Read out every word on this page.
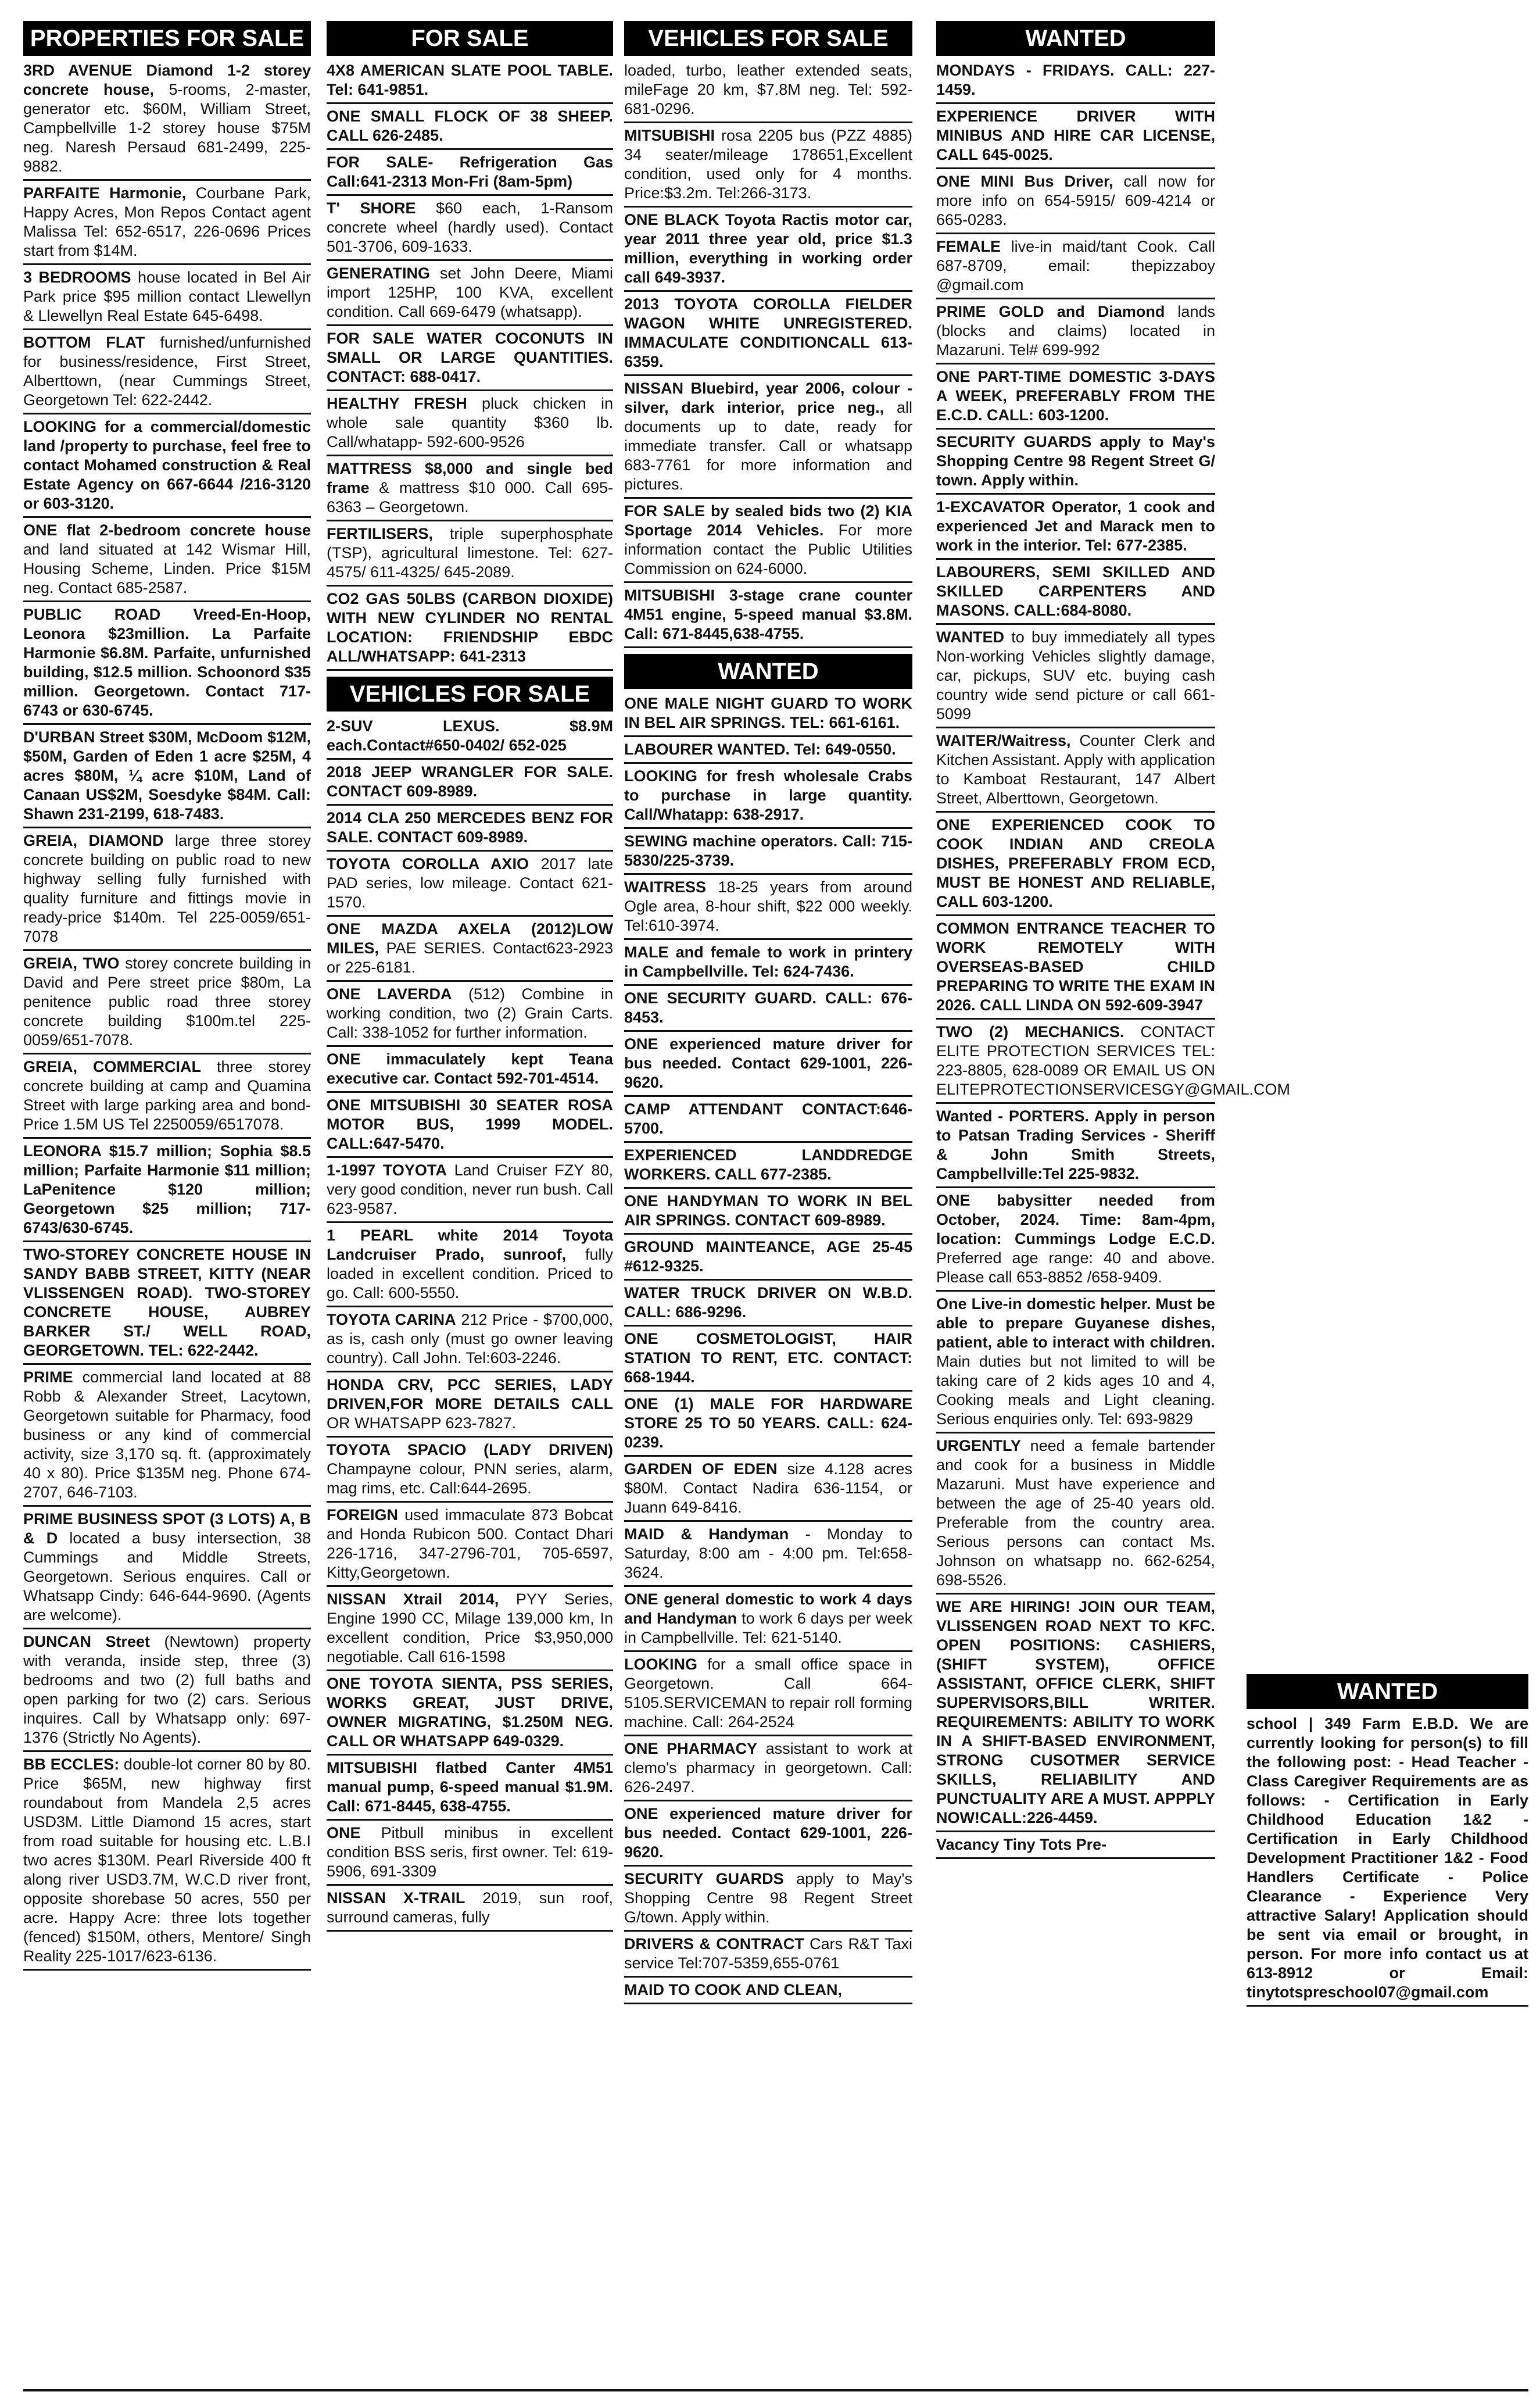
PROPERTIES FOR SALE
3RD AVENUE Diamond 1-2 storey concrete house, 5-rooms, 2-master, generator etc. $60M, William Street, Campbellville 1-2 storey house $75M neg. Naresh Persaud 681-2499, 225-9882.
PARFAITE Harmonie, Courbane Park, Happy Acres, Mon Repos Contact agent Malissa Tel: 652-6517, 226-0696 Prices start from $14M.
3 BEDROOMS house located in Bel Air Park price $95 million contact Llewellyn & Llewellyn Real Estate 645-6498.
BOTTOM FLAT furnished/unfurnished for business/residence, First Street, Alberttown, (near Cummings Street, Georgetown Tel: 622-2442.
LOOKING for a commercial/domestic land /property to purchase, feel free to contact Mohamed construction & Real Estate Agency on 667-6644 /216-3120 or 603-3120.
ONE flat 2-bedroom concrete house and land situated at 142 Wismar Hill, Housing Scheme, Linden. Price $15M neg. Contact 685-2587.
PUBLIC ROAD Vreed-En-Hoop, Leonora $23million. La Parfaite Harmonie $6.8M. Parfaite, unfurnished building, $12.5 million. Schoonord $35 million. Georgetown. Contact 717-6743 or 630-6745.
D'URBAN Street $30M, McDoom $12M, $50M, Garden of Eden 1 acre $25M, 4 acres $80M, ¼ acre $10M, Land of Canaan US$2M, Soesdyke $84M. Call: Shawn 231-2199, 618-7483.
GREIA, DIAMOND large three storey concrete building on public road to new highway selling fully furnished with quality furniture and fittings movie in ready-price $140m. Tel 225-0059/651-7078
GREIA, TWO storey concrete building in David and Pere street price $80m, La penitence public road three storey concrete building $100m.tel 225-0059/651-7078.
GREIA, COMMERCIAL three storey concrete building at camp and Quamina Street with large parking area and bond-Price 1.5M US Tel 2250059/6517078.
LEONORA $15.7 million; Sophia $8.5 million; Parfaite Harmonie $11 million; LaPenitence $120 million; Georgetown $25 million; 717-6743/630-6745.
TWO-STOREY CONCRETE HOUSE IN SANDY BABB STREET, KITTY (NEAR VLISSENGEN ROAD). TWO-STOREY CONCRETE HOUSE, AUBREY BARKER ST./ WELL ROAD, GEORGETOWN. TEL: 622-2442.
PRIME commercial land located at 88 Robb & Alexander Street, Lacytown, Georgetown suitable for Pharmacy, food business or any kind of commercial activity, size 3,170 sq. ft. (approximately 40 x 80). Price $135M neg. Phone 674-2707, 646-7103.
PRIME BUSINESS SPOT (3 LOTS) A, B & D located a busy intersection, 38 Cummings and Middle Streets, Georgetown. Serious enquires. Call or Whatsapp Cindy: 646-644-9690. (Agents are welcome).
DUNCAN Street (Newtown) property with veranda, inside step, three (3) bedrooms and two (2) full baths and open parking for two (2) cars. Serious inquires. Call by Whatsapp only: 697-1376 (Strictly No Agents).
BB ECCLES: double-lot corner 80 by 80. Price $65M, new highway first roundabout from Mandela 2,5 acres USD3M. Little Diamond 15 acres, start from road suitable for housing etc. L.B.I two acres $130M. Pearl Riverside 400 ft along river USD3.7M, W.C.D river front, opposite shorebase 50 acres, 550 per acre. Happy Acre: three lots together (fenced) $150M, others, Mentore/ Singh Reality 225-1017/623-6136.
FOR SALE
4X8 AMERICAN SLATE POOL TABLE. Tel: 641-9851.
ONE SMALL FLOCK OF 38 SHEEP. CALL 626-2485.
FOR SALE- Refrigeration Gas Call:641-2313 Mon-Fri (8am-5pm)
T' SHORE $60 each, 1-Ransom concrete wheel (hardly used). Contact 501-3706, 609-1633.
GENERATING set John Deere, Miami import 125HP, 100 KVA, excellent condition. Call 669-6479 (whatsapp).
FOR SALE WATER COCONUTS IN SMALL OR LARGE QUANTITIES. CONTACT: 688-0417.
HEALTHY FRESH pluck chicken in whole sale quantity $360 lb. Call/whatapp- 592-600-9526
MATTRESS $8,000 and single bed frame & mattress $10 000. Call 695-6363 – Georgetown.
FERTILISERS, triple superphosphate (TSP), agricultural limestone. Tel: 627-4575/ 611-4325/ 645-2089.
CO2 GAS 50LBS (CARBON DIOXIDE) WITH NEW CYLINDER NO RENTAL LOCATION: FRIENDSHIP EBDC ALL/WHATSAPP: 641-2313
VEHICLES FOR SALE
2-SUV LEXUS. $8.9M each.Contact#650-0402/ 652-025
2018 JEEP WRANGLER FOR SALE. CONTACT 609-8989.
2014 CLA 250 MERCEDES BENZ FOR SALE. CONTACT 609-8989.
TOYOTA COROLLA AXIO 2017 late PAD series, low mileage. Contact 621-1570.
ONE MAZDA AXELA (2012)LOW MILES, PAE SERIES. Contact623-2923 or 225-6181.
ONE LAVERDA (512) Combine in working condition, two (2) Grain Carts. Call: 338-1052 for further information.
ONE immaculately kept Teana executive car. Contact 592-701-4514.
ONE MITSUBISHI 30 SEATER ROSA MOTOR BUS, 1999 MODEL. CALL:647-5470.
1-1997 TOYOTA Land Cruiser FZY 80, very good condition, never run bush. Call 623-9587.
1 PEARL white 2014 Toyota Landcruiser Prado, sunroof, fully loaded in excellent condition. Priced to go. Call: 600-5550.
TOYOTA CARINA 212 Price - $700,000, as is, cash only (must go owner leaving country). Call John. Tel:603-2246.
HONDA CRV, PCC SERIES, LADY DRIVEN,FOR MORE DETAILS CALL OR WHATSAPP 623-7827.
TOYOTA SPACIO (LADY DRIVEN) Champayne colour, PNN series, alarm, mag rims, etc. Call:644-2695.
FOREIGN used immaculate 873 Bobcat and Honda Rubicon 500. Contact Dhari 226-1716, 347-2796-701, 705-6597, Kitty,Georgetown.
NISSAN Xtrail 2014, PYY Series, Engine 1990 CC, Milage 139,000 km, In excellent condition, Price $3,950,000 negotiable. Call 616-1598
ONE TOYOTA SIENTA, PSS SERIES, WORKS GREAT, JUST DRIVE, OWNER MIGRATING, $1.250M NEG. CALL OR WHATSAPP 649-0329.
MITSUBISHI flatbed Canter 4M51 manual pump, 6-speed manual $1.9M. Call: 671-8445, 638-4755.
ONE Pitbull minibus in excellent condition BSS seris, first owner. Tel: 619-5906, 691-3309
NISSAN X-TRAIL 2019, sun roof, surround cameras, fully
VEHICLES FOR SALE
loaded, turbo, leather extended seats, mileFage 20 km, $7.8M neg. Tel: 592-681-0296.
MITSUBISHI rosa 2205 bus (PZZ 4885) 34 seater/mileage 178651,Excellent condition, used only for 4 months. Price:$3.2m. Tel:266-3173.
ONE BLACK Toyota Ractis motor car, year 2011 three year old, price $1.3 million, everything in working order call 649-3937.
2013 TOYOTA COROLLA FIELDER WAGON WHITE UNREGISTERED. IMMACULATE CONDITIONCALL 613-6359.
NISSAN Bluebird, year 2006, colour - silver, dark interior, price neg., all documents up to date, ready for immediate transfer. Call or whatsapp 683-7761 for more information and pictures.
FOR SALE by sealed bids two (2) KIA Sportage 2014 Vehicles. For more information contact the Public Utilities Commission on 624-6000.
MITSUBISHI 3-stage crane counter 4M51 engine, 5-speed manual $3.8M. Call: 671-8445,638-4755.
WANTED
ONE MALE NIGHT GUARD TO WORK IN BEL AIR SPRINGS. TEL: 661-6161.
LABOURER WANTED. Tel: 649-0550.
LOOKING for fresh wholesale Crabs to purchase in large quantity. Call/Whatapp: 638-2917.
SEWING machine operators. Call: 715-5830/225-3739.
WAITRESS 18-25 years from around Ogle area, 8-hour shift, $22 000 weekly. Tel:610-3974.
MALE and female to work in printery in Campbellville. Tel: 624-7436.
ONE SECURITY GUARD. CALL: 676-8453.
ONE experienced mature driver for bus needed. Contact 629-1001, 226-9620.
CAMP ATTENDANT CONTACT:646-5700.
EXPERIENCED LANDDREDGE WORKERS. CALL 677-2385.
ONE HANDYMAN TO WORK IN BEL AIR SPRINGS. CONTACT 609-8989.
GROUND MAINTEANCE, AGE 25-45 #612-9325.
WATER TRUCK DRIVER ON W.B.D. CALL: 686-9296.
ONE COSMETOLOGIST, HAIR STATION TO RENT, ETC. CONTACT: 668-1944.
ONE (1) MALE FOR HARDWARE STORE 25 TO 50 YEARS. CALL: 624-0239.
GARDEN OF EDEN size 4.128 acres $80M. Contact Nadira 636-1154, or Juann 649-8416.
MAID & Handyman - Monday to Saturday, 8:00 am - 4:00 pm. Tel:658-3624.
ONE general domestic to work 4 days and Handyman to work 6 days per week in Campbellville. Tel: 621-5140.
LOOKING for a small office space in Georgetown. Call 664-5105.SERVICEMAN to repair roll forming machine. Call: 264-2524
ONE PHARMACY assistant to work at clemo's pharmacy in georgetown. Call: 626-2497.
ONE experienced mature driver for bus needed. Contact 629-1001, 226-9620.
SECURITY GUARDS apply to May's Shopping Centre 98 Regent Street G/town. Apply within.
DRIVERS & CONTRACT Cars R&T Taxi service Tel:707-5359,655-0761
MAID TO COOK AND CLEAN,
WANTED
MONDAYS - FRIDAYS. CALL: 227-1459.
EXPERIENCE DRIVER WITH MINIBUS AND HIRE CAR LICENSE, CALL 645-0025.
ONE MINI Bus Driver, call now for more info on 654-5915/ 609-4214 or 665-0283.
FEMALE live-in maid/tant Cook. Call 687-8709, email: thepizzaboy @gmail.com
PRIME GOLD and Diamond lands (blocks and claims) located in Mazaruni. Tel# 699-992
ONE PART-TIME DOMESTIC 3-DAYS A WEEK, PREFERABLY FROM THE E.C.D. CALL: 603-1200.
SECURITY GUARDS apply to May's Shopping Centre 98 Regent Street G/ town. Apply within.
1-EXCAVATOR Operator, 1 cook and experienced Jet and Marack men to work in the interior. Tel: 677-2385.
LABOURERS, SEMI SKILLED AND SKILLED CARPENTERS AND MASONS. CALL:684-8080.
WANTED to buy immediately all types Non-working Vehicles slightly damage, car, pickups, SUV etc. buying cash country wide send picture or call 661-5099
WAITER/Waitress, Counter Clerk and Kitchen Assistant. Apply with application to Kamboat Restaurant, 147 Albert Street, Alberttown, Georgetown.
ONE EXPERIENCED COOK TO COOK INDIAN AND CREOLA DISHES, PREFERABLY FROM ECD, MUST BE HONEST AND RELIABLE, CALL 603-1200.
COMMON ENTRANCE TEACHER TO WORK REMOTELY WITH OVERSEAS-BASED CHILD PREPARING TO WRITE THE EXAM IN 2026. CALL LINDA ON 592-609-3947
TWO (2) MECHANICS. CONTACT ELITE PROTECTION SERVICES TEL: 223-8805, 628-0089 OR EMAIL US ON ELITEPROTECTIONSERVICESGY@GMAIL.COM
Wanted - PORTERS. Apply in person to Patsan Trading Services - Sheriff & John Smith Streets, Campbellville:Tel 225-9832.
ONE babysitter needed from October, 2024. Time: 8am-4pm, location: Cummings Lodge E.C.D. Preferred age range: 40 and above. Please call 653-8852 /658-9409.
One Live-in domestic helper. Must be able to prepare Guyanese dishes, patient, able to interact with children. Main duties but not limited to will be taking care of 2 kids ages 10 and 4, Cooking meals and Light cleaning. Serious enquiries only. Tel: 693-9829
URGENTLY need a female bartender and cook for a business in Middle Mazaruni. Must have experience and between the age of 25-40 years old. Preferable from the country area. Serious persons can contact Ms. Johnson on whatsapp no. 662-6254, 698-5526.
WE ARE HIRING! JOIN OUR TEAM, VLISSENGEN ROAD NEXT TO KFC. OPEN POSITIONS: CASHIERS, (SHIFT SYSTEM), OFFICE ASSISTANT, OFFICE CLERK, SHIFT SUPERVISORS,BILL WRITER. REQUIREMENTS: ABILITY TO WORK IN A SHIFT-BASED ENVIRONMENT, STRONG CUSOTMER SERVICE SKILLS, RELIABILITY AND PUNCTUALITY ARE A MUST. APPPLY NOW!CALL:226-4459.
Vacancy Tiny Tots Pre-
WANTED
school | 349 Farm E.B.D. We are currently looking for person(s) to fill the following post: - Head Teacher - Class Caregiver Requirements are as follows: - Certification in Early Childhood Education 1&2 - Certification in Early Childhood Development Practitioner 1&2 - Food Handlers Certificate - Police Clearance - Experience Very attractive Salary! Application should be sent via email or brought, in person. For more info contact us at 613-8912 or Email: tinytotspreschool07@gmail.com
